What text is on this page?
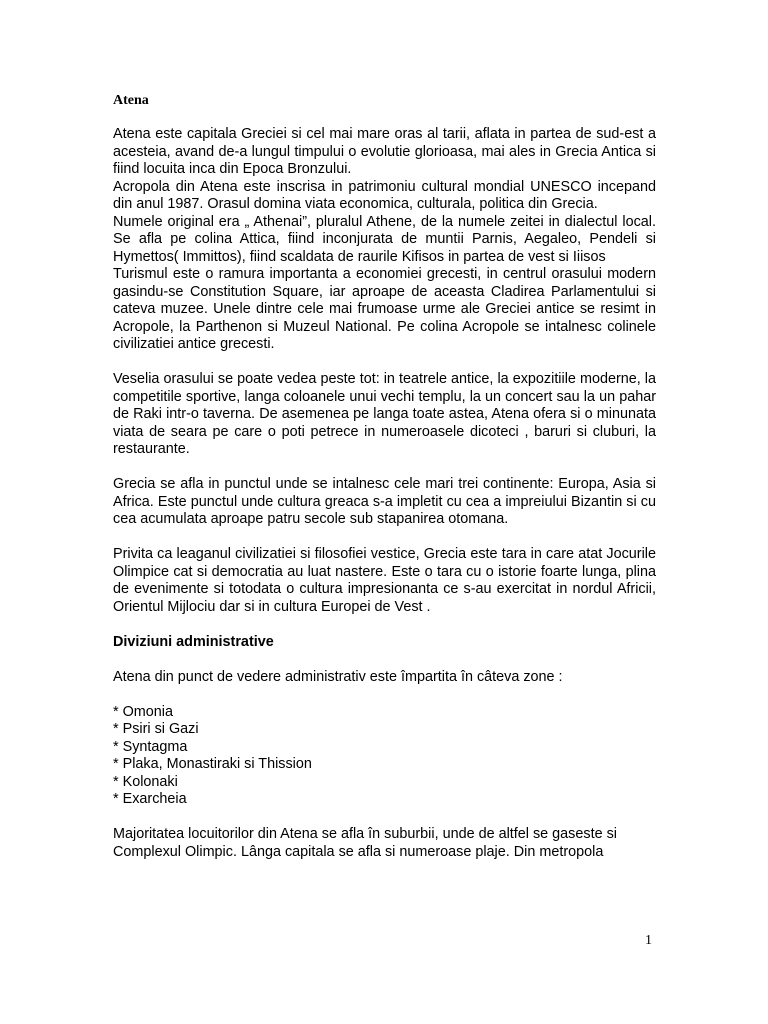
Atena

Atena este capitala Greciei si cel mai mare oras al tarii, aflata in partea de sud-est a acesteia, avand de-a lungul timpului o evolutie glorioasa, mai ales in Grecia Antica si fiind locuita inca din Epoca Bronzului.

Acropola din Atena este inscrisa in patrimoniu cultural mondial UNESCO incepand din anul 1987. Orasul domina viata economica, culturala, politica din Grecia.

Numele original era „ Athenai”, pluralul Athene, de la numele zeitei in dialectul local. Se afla pe colina Attica, fiind inconjurata de muntii Parnis, Aegaleo, Pendeli si Hymettos( Immittos), fiind scaldata de raurile Kifisos in partea de vest si Iiisos

Turismul este o ramura importanta a economiei grecesti, in centrul orasului modern gasindu-se Constitution Square, iar aproape de aceasta Cladirea Parlamentului si cateva muzee. Unele dintre cele mai frumoase urme ale Greciei antice se resimt in Acropole, la Parthenon si Muzeul National. Pe colina Acropole se intalnesc colinele civilizatiei antice grecesti.

Veselia orasului se poate vedea peste tot: in teatrele antice, la expozitiile moderne, la competitile sportive, langa coloanele unui vechi templu, la un concert sau la un pahar de Raki intr-o taverna. De asemenea pe langa toate astea, Atena ofera si o minunata viata de seara pe care o poti petrece in numeroasele dicoteci , baruri si cluburi, la restaurante.

Grecia se afla in punctul unde se intalnesc cele mari trei continente: Europa, Asia si Africa. Este punctul unde cultura greaca s-a impletit cu cea a impreiului Bizantin si cu cea acumulata aproape patru secole sub stapanirea otomana.

Privita ca leaganul civilizatiei si filosofiei vestice, Grecia este tara in care atat Jocurile Olimpice cat si democratia au luat nastere. Este o tara cu o istorie foarte lunga, plina de evenimente si totodata o cultura impresionanta ce s-au exercitat in nordul Africii, Orientul Mijlociu dar si in cultura Europei de Vest .

Diviziuni administrative

Atena din punct de vedere administrativ este împartita în câteva zone :

* Omonia
* Psiri si Gazi
* Syntagma
* Plaka, Monastiraki si Thission
* Kolonaki
* Exarcheia

Majoritatea locuitorilor din Atena se afla în suburbii, unde de altfel se gaseste si Complexul Olimpic. Lânga capitala se afla si numeroase plaje. Din metropola

1
